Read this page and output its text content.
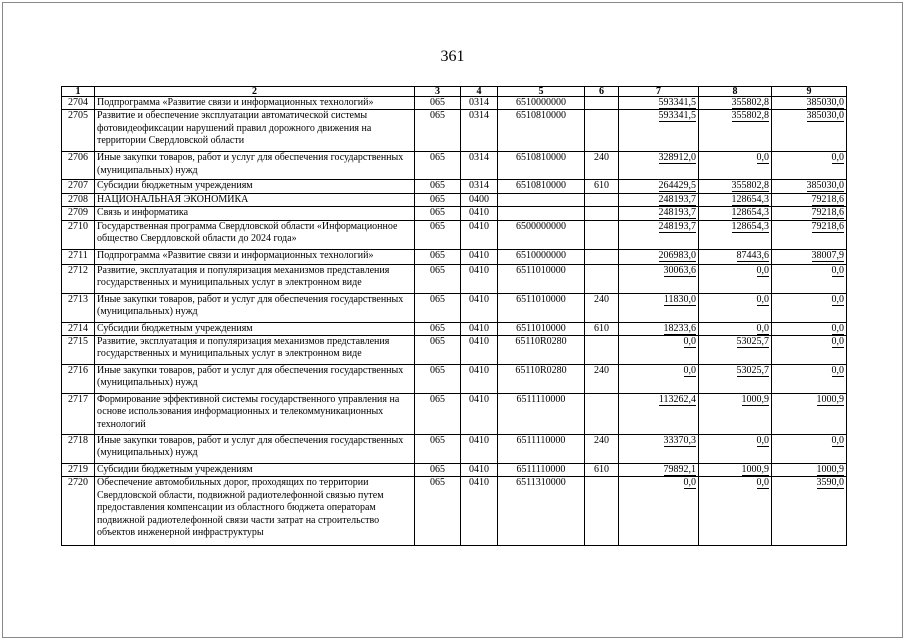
361
1	2	3	4	5	6	7	8	9
2704	Подпрограмма «Развитие связи и информационных технологий»	065	0314	6510000000		593341,5	355802,8	385030,0
2705	Развитие и обеспечение эксплуатации автоматической системы фотовидеофиксации нарушений правил дорожного движения на территории Свердловской области	065	0314	6510810000		593341,5	355802,8	385030,0
2706	Иные закупки товаров, работ и услуг для обеспечения государственных (муниципальных) нужд	065	0314	6510810000	240	328912,0	0,0	0,0
2707	Субсидии бюджетным учреждениям	065	0314	6510810000	610	264429,5	355802,8	385030,0
2708	НАЦИОНАЛЬНАЯ ЭКОНОМИКА	065	0400			248193,7	128654,3	79218,6
2709	Связь и информатика	065	0410			248193,7	128654,3	79218,6
2710	Государственная программа Свердловской области «Информационное общество Свердловской области до 2024 года»	065	0410	6500000000		248193,7	128654,3	79218,6
2711	Подпрограмма «Развитие связи и информационных технологий»	065	0410	6510000000		206983,0	87443,6	38007,9
2712	Развитие, эксплуатация и популяризация механизмов представления государственных и муниципальных услуг в электронном виде	065	0410	6511010000		30063,6	0,0	0,0
2713	Иные закупки товаров, работ и услуг для обеспечения государственных (муниципальных) нужд	065	0410	6511010000	240	11830,0	0,0	0,0
2714	Субсидии бюджетным учреждениям	065	0410	6511010000	610	18233,6	0,0	0,0
2715	Развитие, эксплуатация и популяризация механизмов представления государственных и муниципальных услуг в электронном виде	065	0410	65110R0280		0,0	53025,7	0,0
2716	Иные закупки товаров, работ и услуг для обеспечения государственных (муниципальных) нужд	065	0410	65110R0280	240	0,0	53025,7	0,0
2717	Формирование эффективной системы государственного управления на основе использования информационных и телекоммуникационных технологий	065	0410	6511110000		113262,4	1000,9	1000,9
2718	Иные закупки товаров, работ и услуг для обеспечения государственных (муниципальных) нужд	065	0410	6511110000	240	33370,3	0,0	0,0
2719	Субсидии бюджетным учреждениям	065	0410	6511110000	610	79892,1	1000,9	1000,9
2720	Обеспечение автомобильных дорог, проходящих по территории Свердловской области, подвижной радиотелефонной связью путем предоставления компенсации из областного бюджета операторам подвижной радиотелефонной связи части затрат на строительство объектов инженерной инфраструктуры	065	0410	6511310000		0,0	0,0	3590,0
